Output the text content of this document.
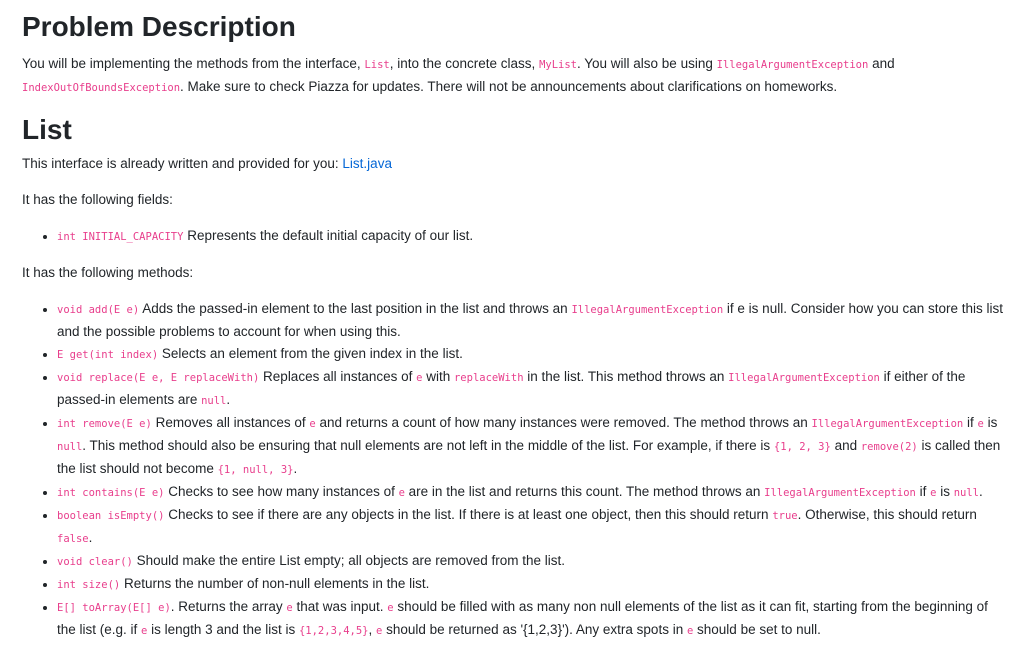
Problem Description

You will be implementing the methods from the interface, List, into the concrete class, MyList. You will also be using IllegalArgumentException and IndexOutOfBoundsException. Make sure to check Piazza for updates. There will not be announcements about clarifications on homeworks.

List

This interface is already written and provided for you: List.java

It has the following fields:

• int INITIAL_CAPACITY Represents the default initial capacity of our list.

It has the following methods:

• void add(E e) Adds the passed-in element to the last position in the list and throws an IllegalArgumentException if e is null. Consider how you can store this list and the possible problems to account for when using this.
• E get(int index) Selects an element from the given index in the list.
• void replace(E e, E replaceWith) Replaces all instances of e with replaceWith in the list. This method throws an IllegalArgumentException if either of the passed-in elements are null.
• int remove(E e) Removes all instances of e and returns a count of how many instances were removed. The method throws an IllegalArgumentException if e is null. This method should also be ensuring that null elements are not left in the middle of the list. For example, if there is {1, 2, 3} and remove(2) is called then the list should not become {1, null, 3}.
• int contains(E e) Checks to see how many instances of e are in the list and returns this count. The method throws an IllegalArgumentException if e is null.
• boolean isEmpty() Checks to see if there are any objects in the list. If there is at least one object, then this should return true. Otherwise, this should return false.
• void clear() Should make the entire List empty; all objects are removed from the list.
• int size() Returns the number of non-null elements in the list.
• E[] toArray(E[] e). Returns the array e that was input. e should be filled with as many non null elements of the list as it can fit, starting from the beginning of the list (e.g. if e is length 3 and the list is {1,2,3,4,5}, e should be returned as '{1,2,3}'). Any extra spots in e should be set to null.
